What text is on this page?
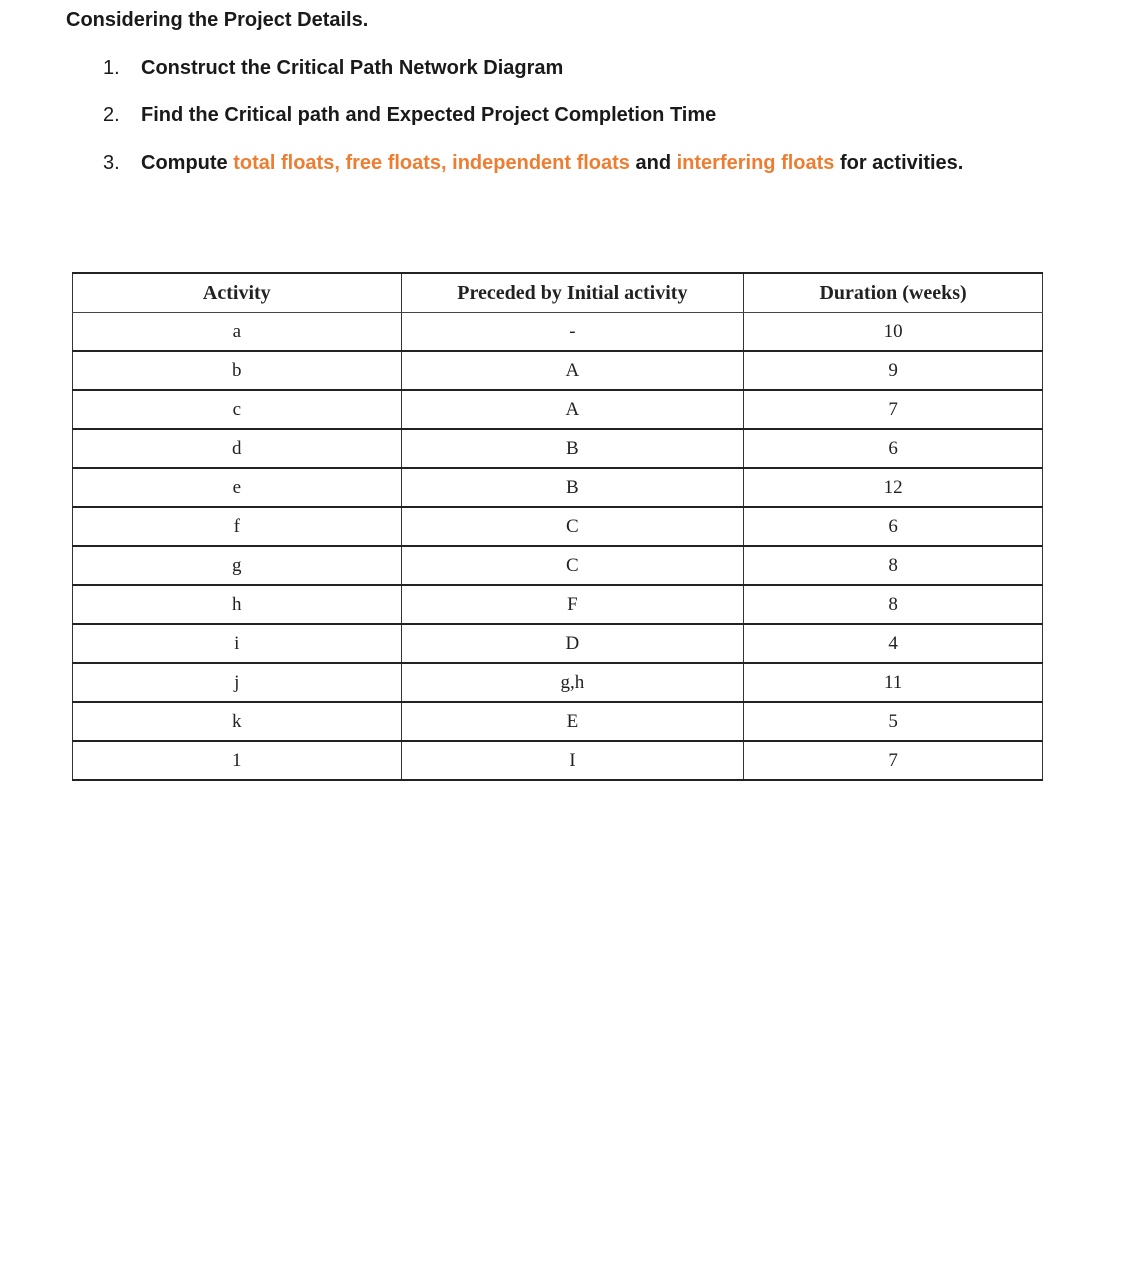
Considering the Project Details.
1. Construct the Critical Path Network Diagram
2. Find the Critical path and Expected Project Completion Time
3. Compute total floats, free floats, independent floats and interfering floats for activities.
Activity	Preceded by Initial activity	Duration (weeks)
a	-	10
b	A	9
c	A	7
d	B	6
e	B	12
f	C	6
g	C	8
h	F	8
i	D	4
j	g,h	11
k	E	5
1	I	7
